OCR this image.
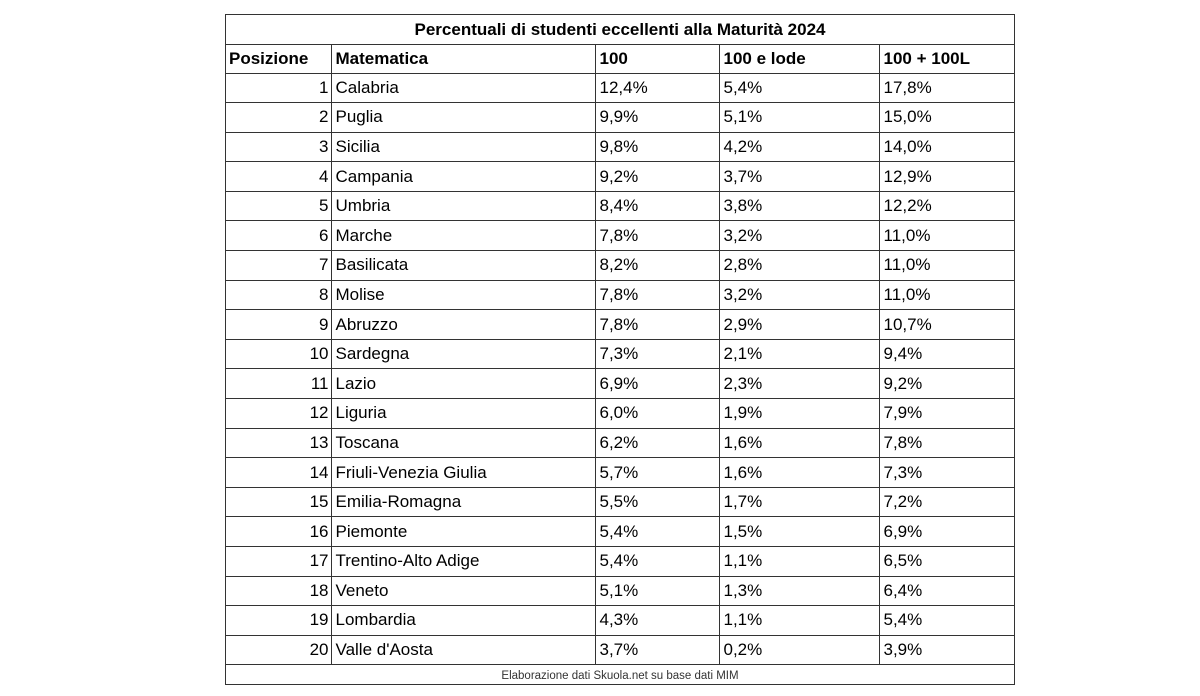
Percentuali di studenti eccellenti alla Maturità 2024
Posizione	Matematica	100	100 e lode	100 + 100L
1	Calabria	12,4%	5,4%	17,8%
2	Puglia	9,9%	5,1%	15,0%
3	Sicilia	9,8%	4,2%	14,0%
4	Campania	9,2%	3,7%	12,9%
5	Umbria	8,4%	3,8%	12,2%
6	Marche	7,8%	3,2%	11,0%
7	Basilicata	8,2%	2,8%	11,0%
8	Molise	7,8%	3,2%	11,0%
9	Abruzzo	7,8%	2,9%	10,7%
10	Sardegna	7,3%	2,1%	9,4%
11	Lazio	6,9%	2,3%	9,2%
12	Liguria	6,0%	1,9%	7,9%
13	Toscana	6,2%	1,6%	7,8%
14	Friuli-Venezia Giulia	5,7%	1,6%	7,3%
15	Emilia-Romagna	5,5%	1,7%	7,2%
16	Piemonte	5,4%	1,5%	6,9%
17	Trentino-Alto Adige	5,4%	1,1%	6,5%
18	Veneto	5,1%	1,3%	6,4%
19	Lombardia	4,3%	1,1%	5,4%
20	Valle d'Aosta	3,7%	0,2%	3,9%
Elaborazione dati Skuola.net su base dati MIM
